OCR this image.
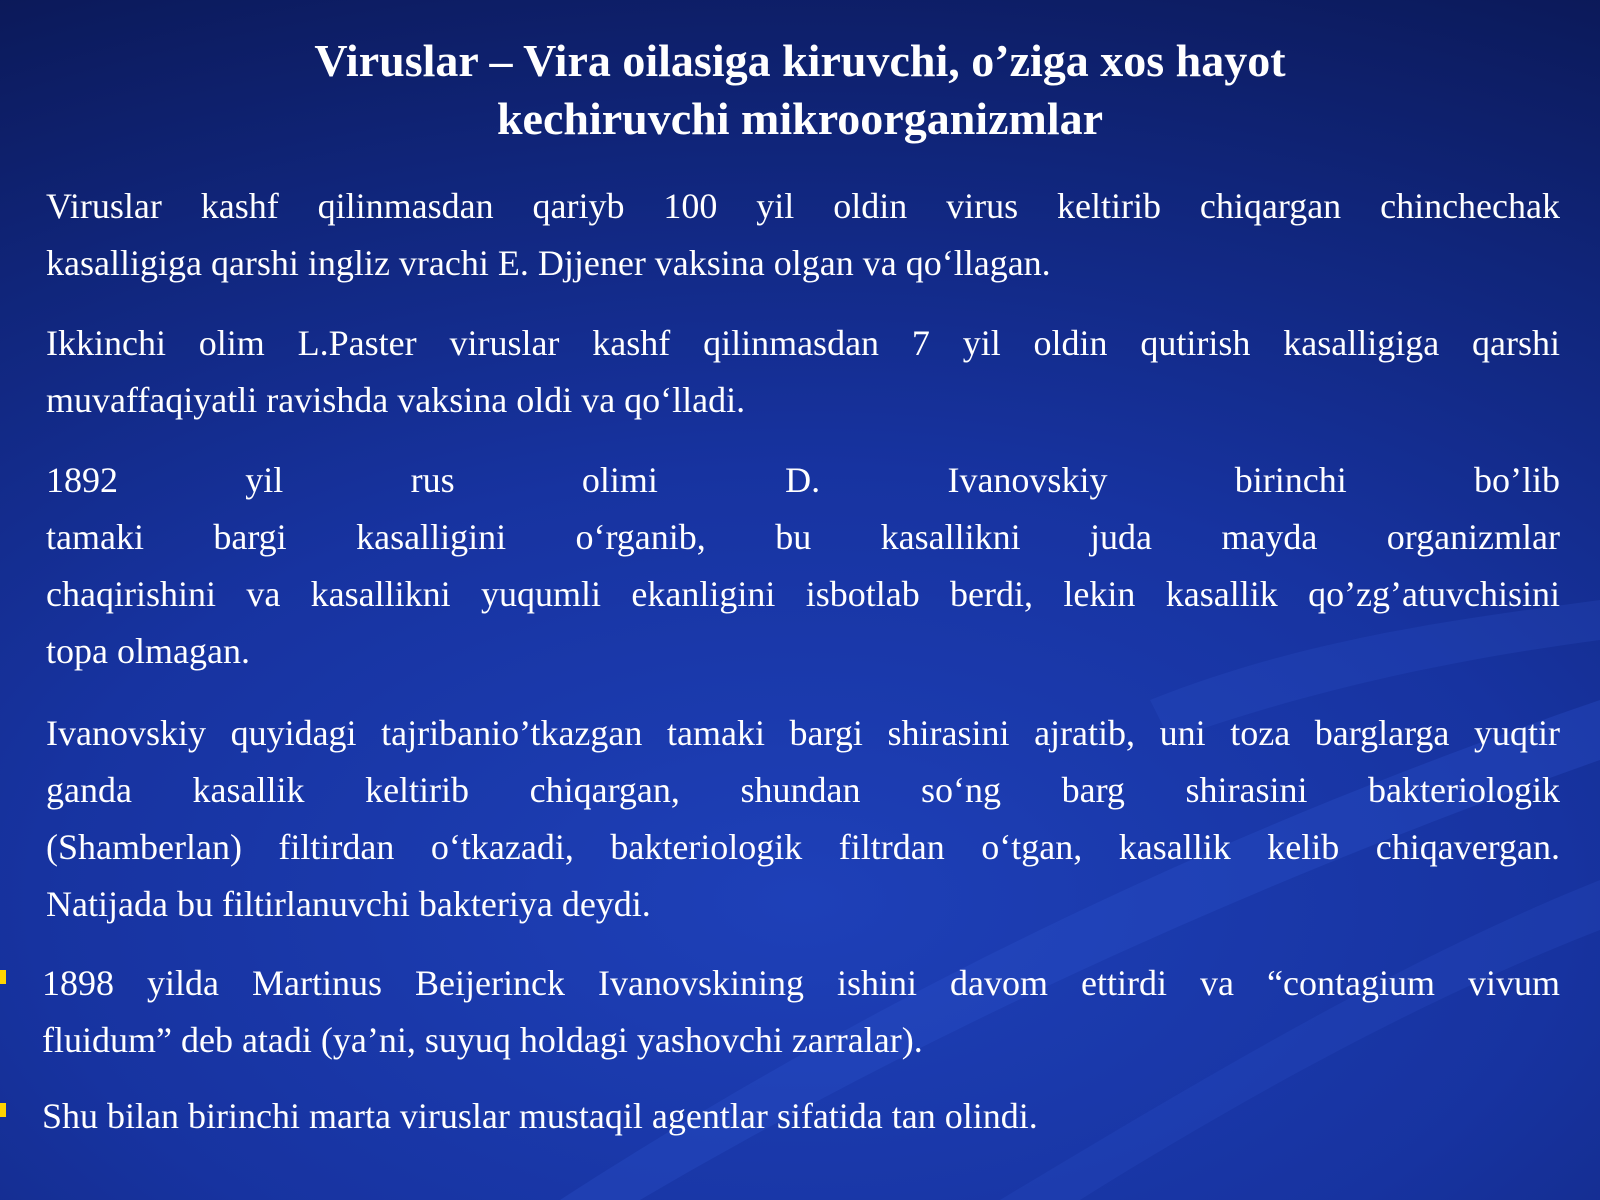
Viruslar – Vira oilasiga kiruvchi, o’ziga xos hayot
kechiruvchi mikroorganizmlar
Viruslar kashf qilinmasdan qariyb 100 yil oldin virus keltirib chiqargan chinchechak
kasalligiga qarshi ingliz vrachi E. Djjener vaksina olgan va qo‘llagan.
Ikkinchi olim L.Paster viruslar kashf qilinmasdan 7 yil oldin qutirish kasalligiga qarshi
muvaffaqiyatli ravishda vaksina oldi va qo‘lladi.
1892 yil rus olimi D. Ivanovskiy birinchi bo’lib
tamaki bargi kasalligini o‘rganib, bu kasallikni juda mayda organizmlar
chaqirishini va kasallikni yuqumli ekanligini isbotlab berdi, lekin kasallik qo’zg’atuvchisini
topa olmagan.
Ivanovskiy quyidagi tajribanio’tkazgan tamaki bargi shirasini ajratib, uni toza barglarga yuqtir
ganda kasallik keltirib chiqargan, shundan so‘ng barg shirasini bakteriologik
(Shamberlan) filtirdan o‘tkazadi, bakteriologik filtrdan o‘tgan, kasallik kelib chiqavergan.
Natijada bu filtirlanuvchi bakteriya deydi.
1898 yilda Martinus Beijerinck Ivanovskining ishini davom ettirdi va “contagium vivum
fluidum” deb atadi (ya’ni, suyuq holdagi yashovchi zarralar).
Shu bilan birinchi marta viruslar mustaqil agentlar sifatida tan olindi.
